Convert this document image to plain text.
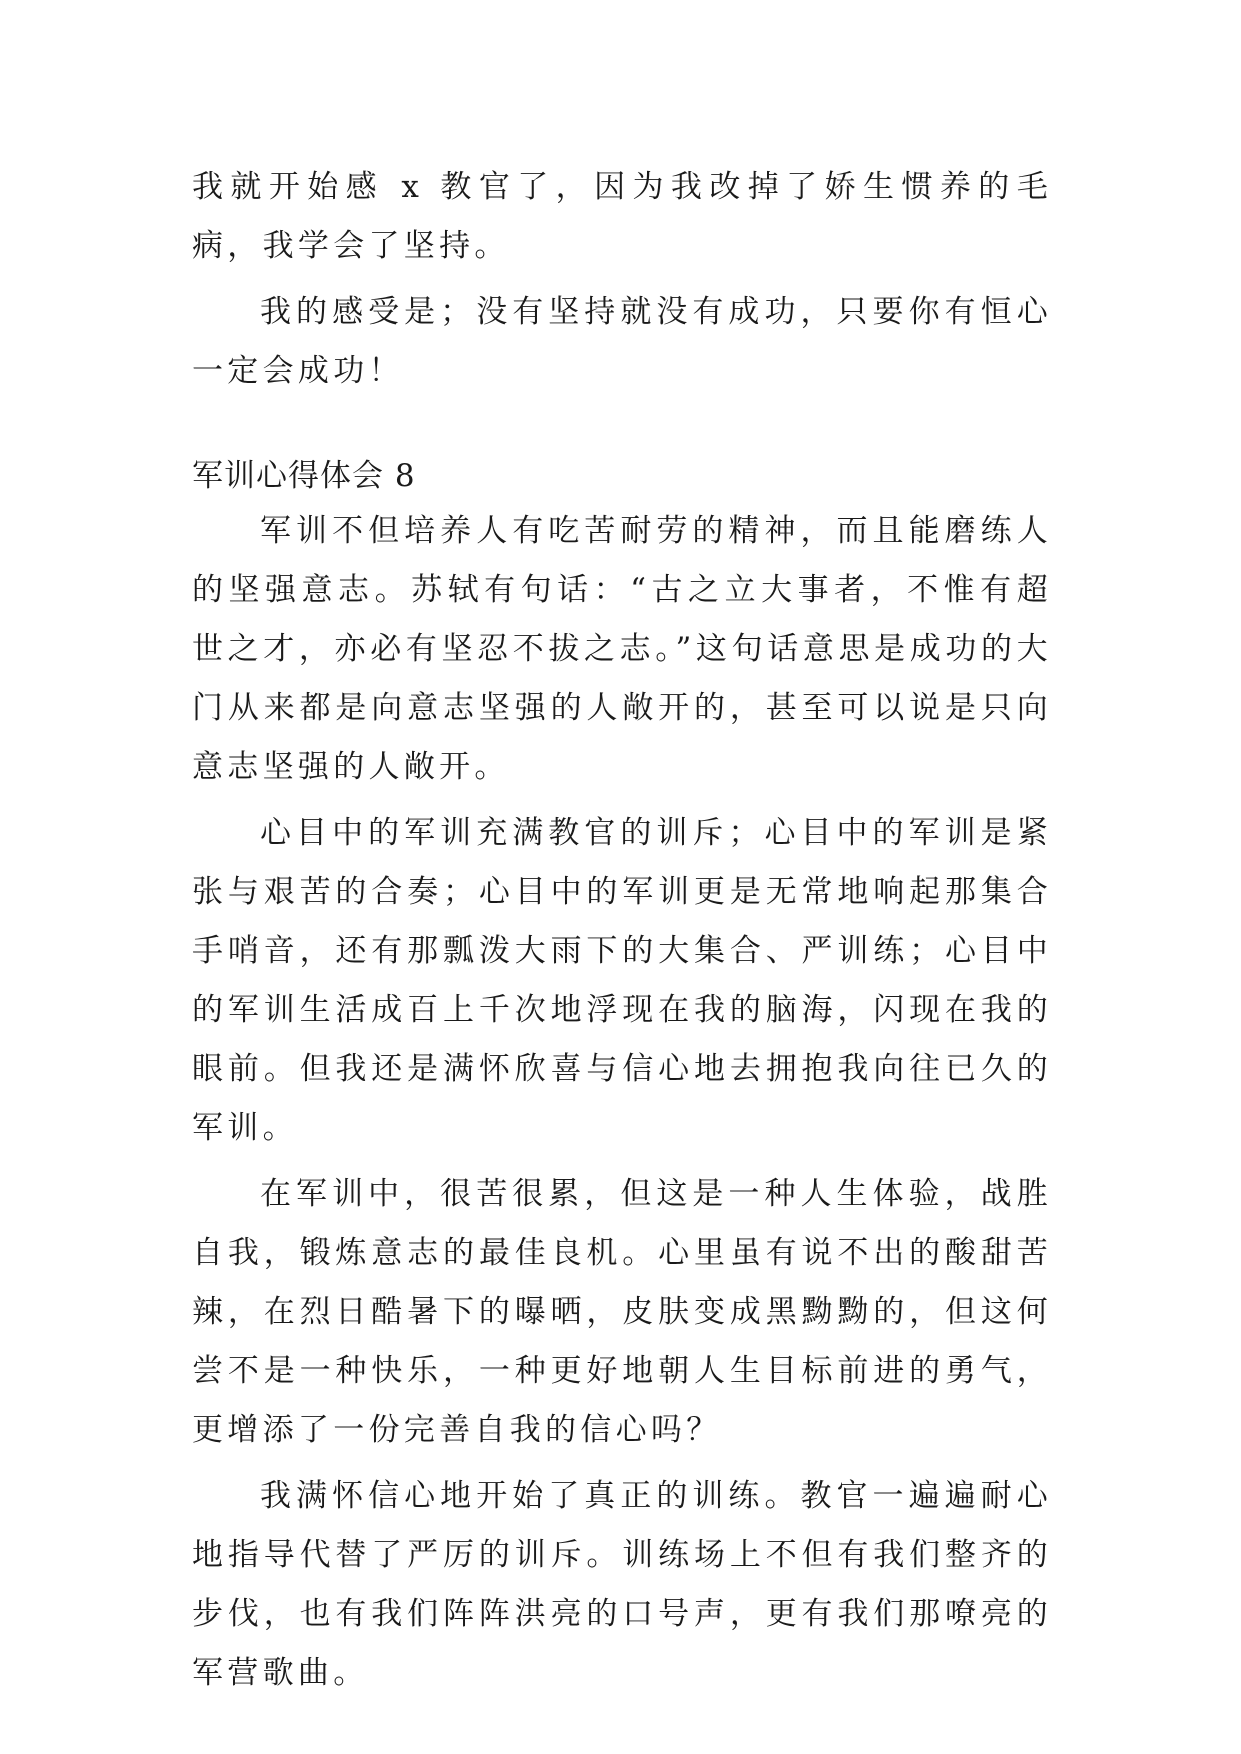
我就开始感 x 教官了，因为我改掉了娇生惯养的毛病，我学会了坚持。

我的感受是；没有坚持就没有成功，只要你有恒心一定会成功！

军训心得体会 8

军训不但培养人有吃苦耐劳的精神，而且能磨练人的坚强意志。苏轼有句话：“古之立大事者，不惟有超世之才，亦必有坚忍不拔之志。”这句话意思是成功的大门从来都是向意志坚强的人敞开的，甚至可以说是只向意志坚强的人敞开。

心目中的军训充满教官的训斥；心目中的军训是紧张与艰苦的合奏；心目中的军训更是无常地响起那集合手哨音，还有那瓢泼大雨下的大集合、严训练；心目中的军训生活成百上千次地浮现在我的脑海，闪现在我的眼前。但我还是满怀欣喜与信心地去拥抱我向往已久的军训。

在军训中，很苦很累，但这是一种人生体验，战胜自我，锻炼意志的最佳良机。心里虽有说不出的酸甜苦辣，在烈日酷暑下的曝晒，皮肤变成黑黝黝的，但这何尝不是一种快乐，一种更好地朝人生目标前进的勇气，更增添了一份完善自我的信心吗？

我满怀信心地开始了真正的训练。教官一遍遍耐心地指导代替了严厉的训斥。训练场上不但有我们整齐的步伐，也有我们阵阵洪亮的口号声，更有我们那嘹亮的军营歌曲。
